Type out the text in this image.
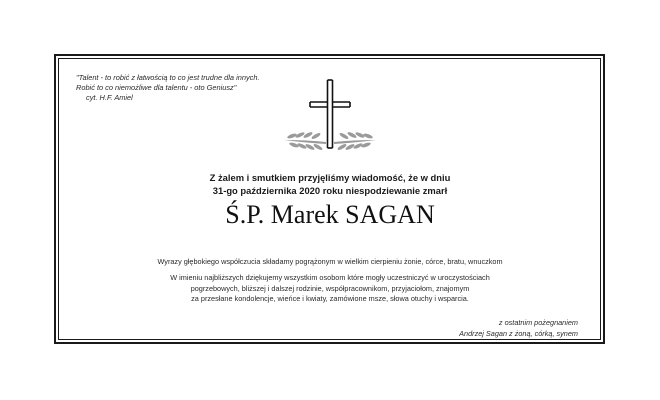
"Talent - to robić z łatwością to co jest trudne dla innych.
Robić to co niemożliwe dla talentu - oto Geniusz"
cyt. H.F. Amiel
Z żalem i smutkiem przyjęliśmy wiadomość, że w dniu
31-go października 2020 roku niespodziewanie zmarł
Ś.P. Marek SAGAN
Wyrazy głębokiego współczucia składamy pogrążonym w wielkim cierpieniu żonie, córce, bratu, wnuczkom
W imieniu najbliższych dziękujemy wszystkim osobom które mogły uczestniczyć w uroczystościach
pogrzebowych, bliższej i dalszej rodzinie, współpracownikom, przyjaciołom, znajomym
za przesłane kondolencje, wieńce i kwiaty, zamówione msze, słowa otuchy i wsparcia.
z ostatnim pożegnaniem
Andrzej Sagan z żoną, córką, synem
